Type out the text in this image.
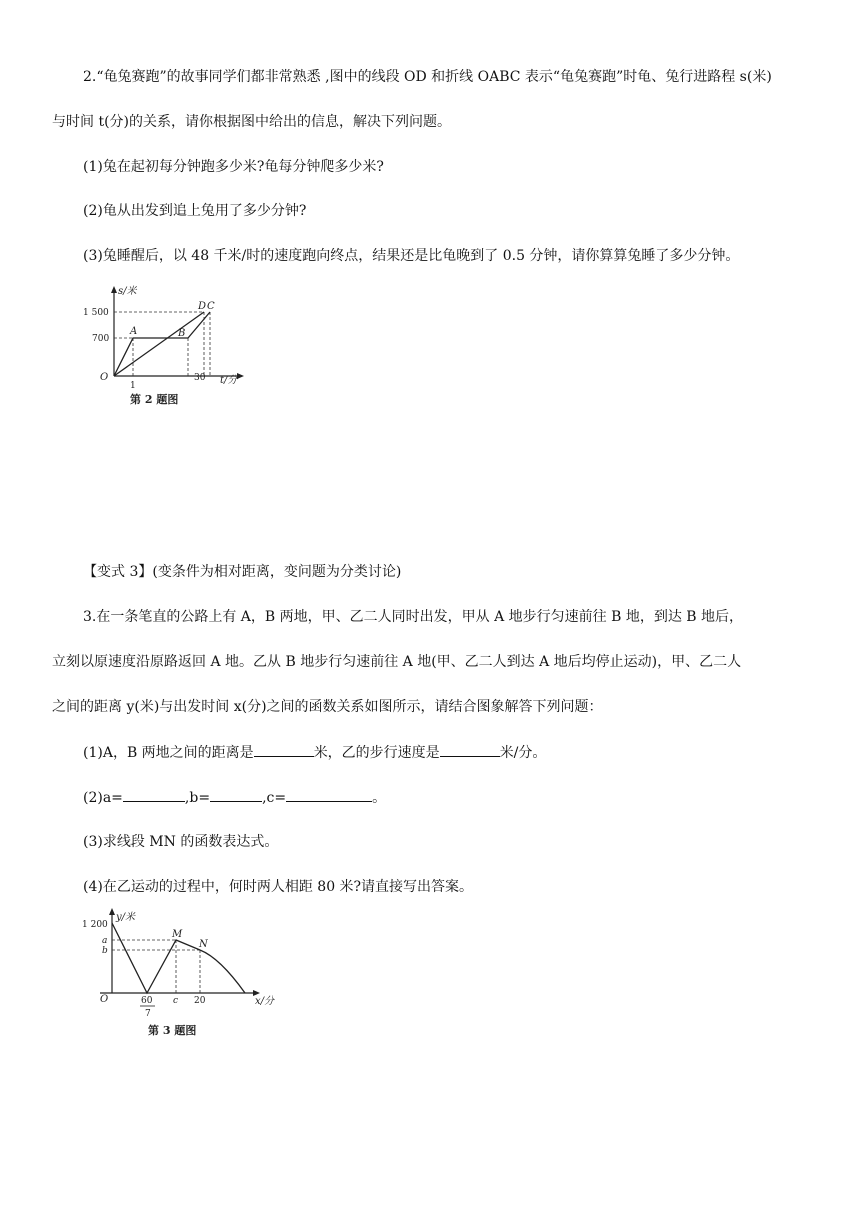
2.“龟兔赛跑”的故事同学们都非常熟悉 ,图中的线段 OD 和折线 OABC 表示“龟兔赛跑”时龟、兔行进路程 s(米)
与时间 t(分)的关系，请你根据图中给出的信息，解决下列问题。
(1)兔在起初每分钟跑多少米?龟每分钟爬多少米?
(2)龟从出发到追上兔用了多少分钟?
(3)兔睡醒后，以 48 千米/时的速度跑向终点，结果还是比龟晚到了 0.5 分钟，请你算算兔睡了多少分钟。
s/米
t/分
O
1 500
700
1
30
A	B
D C
第 2 题图
【变式 3】(变条件为相对距离，变问题为分类讨论)
3.在一条笔直的公路上有 A，B 两地，甲、乙二人同时出发，甲从 A 地步行匀速前往 B 地，到达 B 地后，
立刻以原速度沿原路返回 A 地。乙从 B 地步行匀速前往 A 地(甲、乙二人到达 A 地后均停止运动)，甲、乙二人
之间的距离 y(米)与出发时间 x(分)之间的函数关系如图所示，请结合图象解答下列问题：
(1)A，B 两地之间的距离是	米，乙的步行速度是	米/分。
(2)a=	,b=	,c=	。
(3)求线段 MN 的函数表达式。
(4)在乙运动的过程中，何时两人相距 80 米?请直接写出答案。
1 200
y/米
a
b
M
N
O	60
7
c 20	x/分
第 3 题图
